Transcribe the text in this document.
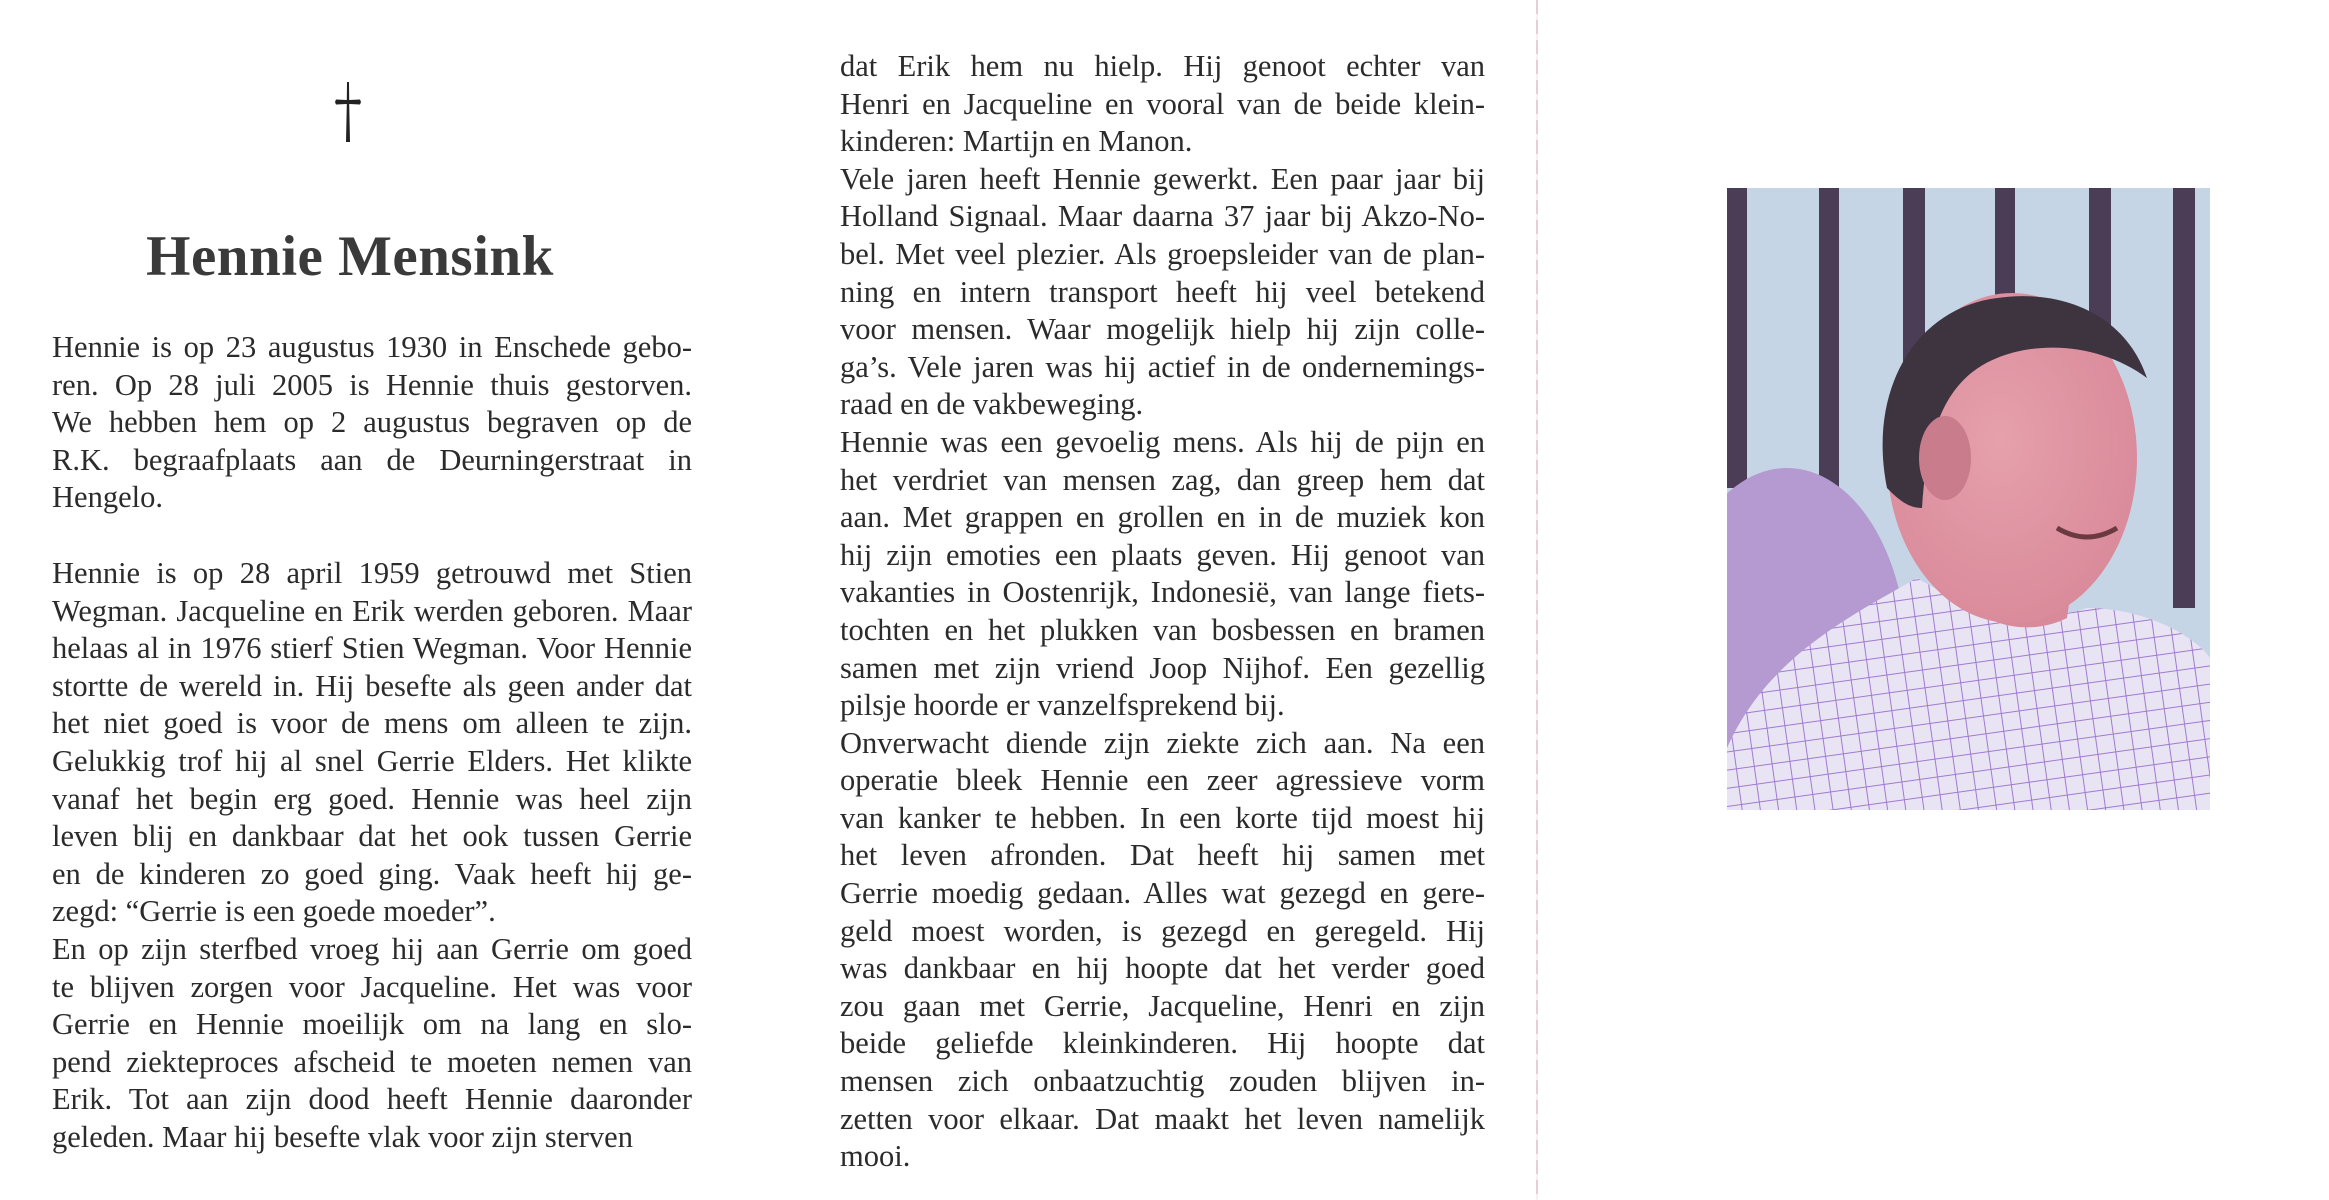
Hennie Mensink
Hennie is op 23 augustus 1930 in Enschede gebo-
ren. Op 28 juli 2005 is Hennie thuis gestorven.
We hebben hem op 2 augustus begraven op de
R.K. begraafplaats aan de Deurningerstraat in
Hengelo.
Hennie is op 28 april 1959 getrouwd met Stien
Wegman. Jacqueline en Erik werden geboren. Maar
helaas al in 1976 stierf Stien Wegman. Voor Hennie
stortte de wereld in. Hij besefte als geen ander dat
het niet goed is voor de mens om alleen te zijn.
Gelukkig trof hij al snel Gerrie Elders. Het klikte
vanaf het begin erg goed. Hennie was heel zijn
leven blij en dankbaar dat het ook tussen Gerrie
en de kinderen zo goed ging. Vaak heeft hij ge-
zegd: “Gerrie is een goede moeder”.
En op zijn sterfbed vroeg hij aan Gerrie om goed
te blijven zorgen voor Jacqueline. Het was voor
Gerrie en Hennie moeilijk om na lang en slo-
pend ziekteproces afscheid te moeten nemen van
Erik. Tot aan zijn dood heeft Hennie daaronder
geleden. Maar hij besefte vlak voor zijn sterven
dat Erik hem nu hielp. Hij genoot echter van
Henri en Jacqueline en vooral van de beide klein-
kinderen: Martijn en Manon.
Vele jaren heeft Hennie gewerkt. Een paar jaar bij
Holland Signaal. Maar daarna 37 jaar bij Akzo-No-
bel. Met veel plezier. Als groepsleider van de plan-
ning en intern transport heeft hij veel betekend
voor mensen. Waar mogelijk hielp hij zijn colle-
ga’s. Vele jaren was hij actief in de ondernemings-
raad en de vakbeweging.
Hennie was een gevoelig mens. Als hij de pijn en
het verdriet van mensen zag, dan greep hem dat
aan. Met grappen en grollen en in de muziek kon
hij zijn emoties een plaats geven. Hij genoot van
vakanties in Oostenrijk, Indonesië, van lange fiets-
tochten en het plukken van bosbessen en bramen
samen met zijn vriend Joop Nijhof. Een gezellig
pilsje hoorde er vanzelfsprekend bij.
Onverwacht diende zijn ziekte zich aan. Na een
operatie bleek Hennie een zeer agressieve vorm
van kanker te hebben. In een korte tijd moest hij
het leven afronden. Dat heeft hij samen met
Gerrie moedig gedaan. Alles wat gezegd en gere-
geld moest worden, is gezegd en geregeld. Hij
was dankbaar en hij hoopte dat het verder goed
zou gaan met Gerrie, Jacqueline, Henri en zijn
beide geliefde kleinkinderen. Hij hoopte dat
mensen zich onbaatzuchtig zouden blijven in-
zetten voor elkaar. Dat maakt het leven namelijk
mooi.
